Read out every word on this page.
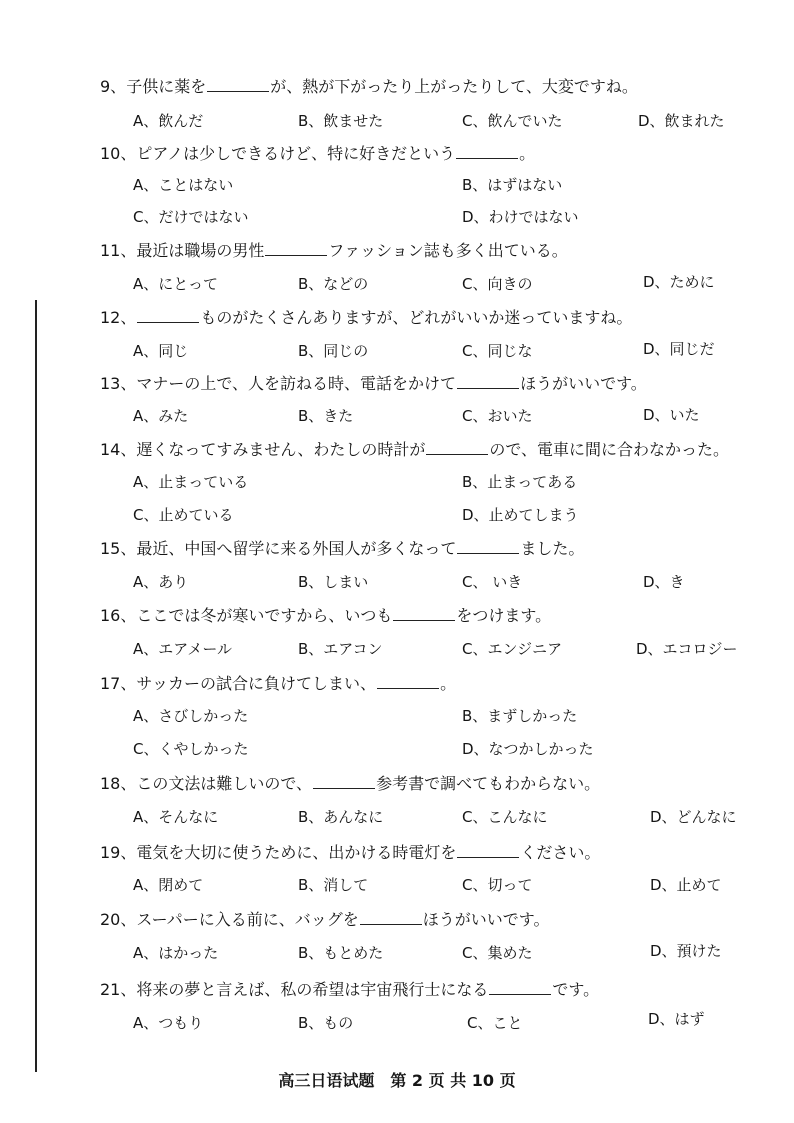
9、子供に薬を	が、熱が下がったり上がったりして、大変ですね。
A、飲んだ	B、飲ませた	C、飲んでいた	D、飲まれた
10、ピアノは少しできるけど、特に好きだという	。
A、ことはない	B、はずはない
C、だけではない	D、わけではない
11、最近は職場の男性	ファッション誌も多く出ている。
A、にとって	B、などの	C、向きの	D、ために
12、	ものがたくさんありますが、どれがいいか迷っていますね。
A、同じ	B、同じの	C、同じな	D、同じだ
13、マナーの上で、人を訪ねる時、電話をかけて	ほうがいいです。
A、みた	B、きた	C、おいた	D、いた
14、遅くなってすみません、わたしの時計が	ので、電車に間に合わなかった。
A、止まっている	B、止まってある
C、止めている	D、止めてしまう
15、最近、中国へ留学に来る外国人が多くなって	ました。
A、あり	B、しまい	C、 いき	D、き
16、ここでは冬が寒いですから、いつも	をつけます。
A、エアメール	B、エアコン	C、エンジニア	D、エコロジー
17、サッカーの試合に負けてしまい、	。
A、さびしかった	B、まずしかった
C、くやしかった	D、なつかしかった
18、この文法は難しいので、	参考書で調べてもわからない。
A、そんなに	B、あんなに	C、こんなに	D、どんなに
19、電気を大切に使うために、出かける時電灯を	ください。
A、閉めて	B、消して	C、切って	D、止めて
20、スーパーに入る前に、バッグを	ほうがいいです。
A、はかった	B、もとめた	C、集めた	D、預けた
21、将来の夢と言えば、私の希望は宇宙飛行士になる	です。
A、つもり	B、もの	C、こと	D、はず
高三日语试题　第 2 页 共 10 页
